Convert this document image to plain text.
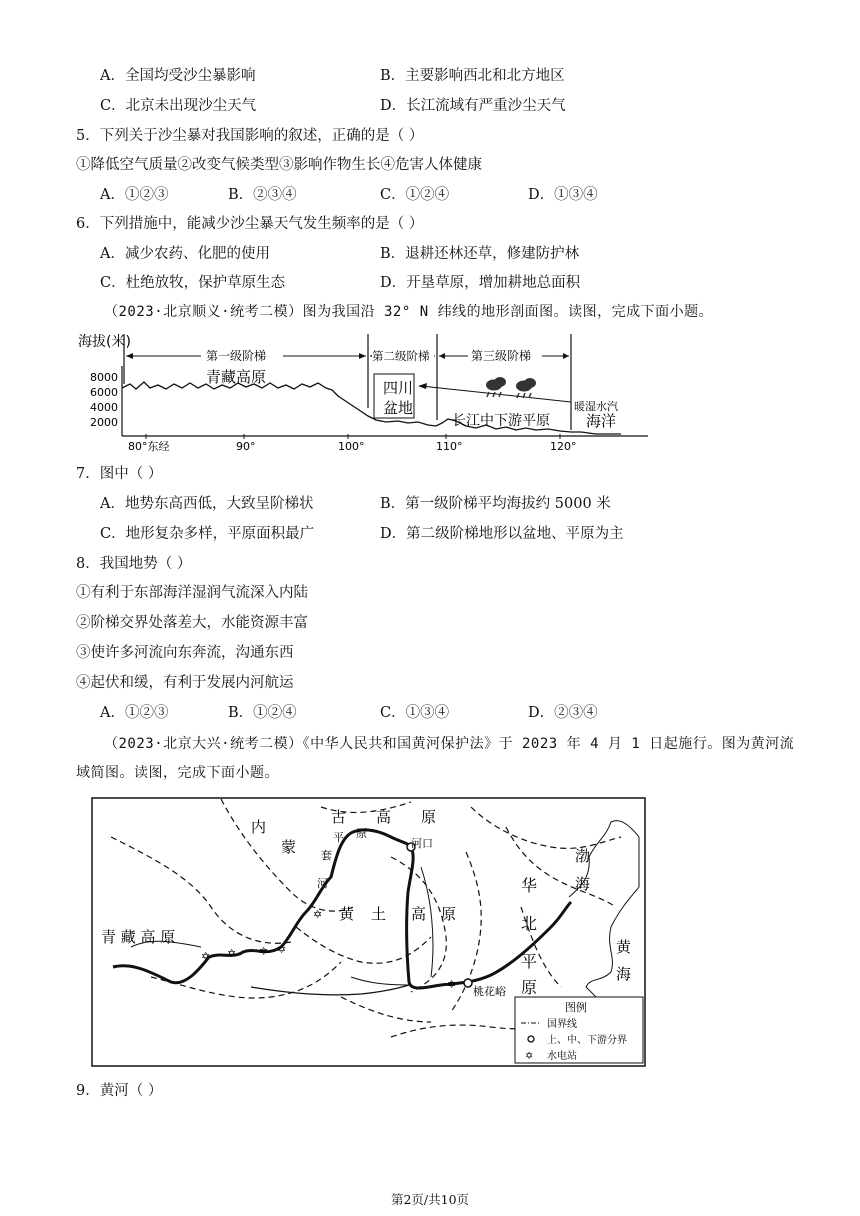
A．全国均受沙尘暴影响	B．主要影响西北和北方地区
C．北京未出现沙尘天气	D．长江流域有严重沙尘天气
5．下列关于沙尘暴对我国影响的叙述，正确的是（ ）
①降低空气质量②改变气候类型③影响作物生长④危害人体健康
A．①②③	B．②③④	C．①②④	D．①③④
6．下列措施中，能减少沙尘暴天气发生频率的是（ ）
A．减少农药、化肥的使用	B．退耕还林还草，修建防护林
C．杜绝放牧，保护草原生态	D．开垦草原，增加耕地总面积
（2023·北京顺义·统考二模）图为我国沿 32° N 纬线的地形剖面图。读图，完成下面小题。
海拔(米)
8000
6000
4000
2000
80°东经	90°	100°	110°	120°
第一级阶梯	第二级阶梯	第三级阶梯
青藏高原
四川
盆地
长江中下游平原
暖湿水汽
海洋
7．图中（ ）
A．地势东高西低，大致呈阶梯状	B．第一级阶梯平均海拔约 5000 米
C．地形复杂多样，平原面积最广	D．第二级阶梯地形以盆地、平原为主
8．我国地势（ ）
①有利于东部海洋湿润气流深入内陆
②阶梯交界处落差大，水能资源丰富
③使许多河流向东奔流，沟通东西
④起伏和缓，有利于发展内河航运
A．①②③	B．①②④	C．①③④	D．②③④
（2023·北京大兴·统考二模）《中华人民共和国黄河保护法》于 2023 年 4 月 1 日起施行。图为黄河流域简图。读图，完成下面小题。
✡ ✡ ✡ ✡
✡
✡
内
蒙
古 高 原
平 原
套
河
河口
黄 土 高 原
青 藏 高 原
华
北
平
原
渤
海
黄
海
桃花峪
图例
国界线
上、中、下游分界
✡ 水电站
9．黄河（ ）
第2页/共10页
